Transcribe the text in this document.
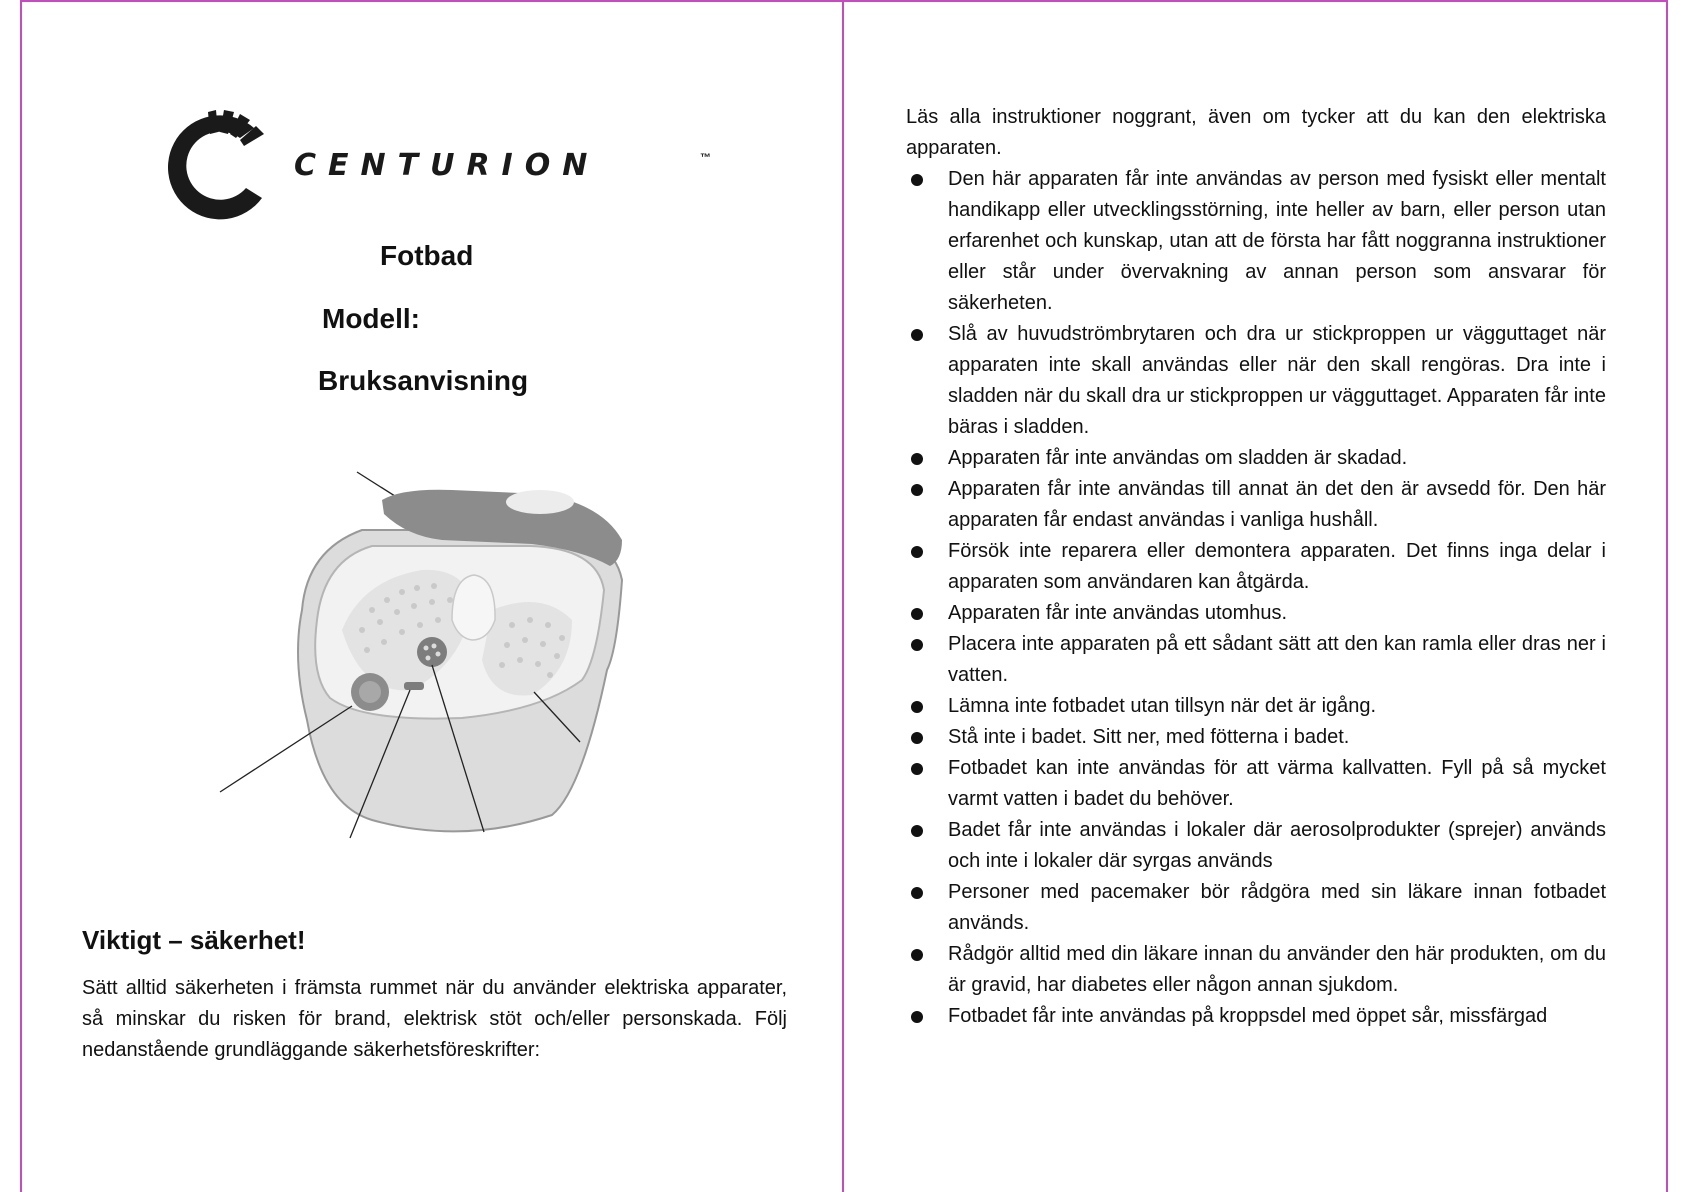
CENTURION	™
Fotbad
Modell:
Bruksanvisning
Viktigt – säkerhet!

Sätt alltid säkerheten i främsta rummet när du använder elektriska apparater, så minskar du risken för brand, elektrisk stöt och/eller personskada. Följ nedanstående grundläggande säkerhetsföreskrifter:

Läs alla instruktioner noggrant, även om tycker att du kan den elektriska apparaten.

Den här apparaten får inte användas av person med fysiskt eller mentalt handikapp eller utvecklingsstörning, inte heller av barn, eller person utan erfarenhet och kunskap, utan att de första har fått noggranna instruktioner eller står under övervakning av annan person som ansvarar för säkerheten.
Slå av huvudströmbrytaren och dra ur stickproppen ur vägguttaget när apparaten inte skall användas eller när den skall rengöras. Dra inte i sladden när du skall dra ur stickproppen ur vägguttaget. Apparaten får inte bäras i sladden.
Apparaten får inte användas om sladden är skadad.
Apparaten får inte användas till annat än det den är avsedd för. Den här apparaten får endast användas i vanliga hushåll.
Försök inte reparera eller demontera apparaten. Det finns inga delar i apparaten som användaren kan åtgärda.
Apparaten får inte användas utomhus.
Placera inte apparaten på ett sådant sätt att den kan ramla eller dras ner i vatten.
Lämna inte fotbadet utan tillsyn när det är igång.
Stå inte i badet. Sitt ner, med fötterna i badet.
Fotbadet kan inte användas för att värma kallvatten. Fyll på så mycket varmt vatten i badet du behöver.
Badet får inte användas i lokaler där aerosolprodukter (sprejer) används och inte i lokaler där syrgas används
Personer med pacemaker bör rådgöra med sin läkare innan fotbadet används.
Rådgör alltid med din läkare innan du använder den här produkten, om du är gravid, har diabetes eller någon annan sjukdom.
Fotbadet får inte användas på kroppsdel med öppet sår, missfärgad
